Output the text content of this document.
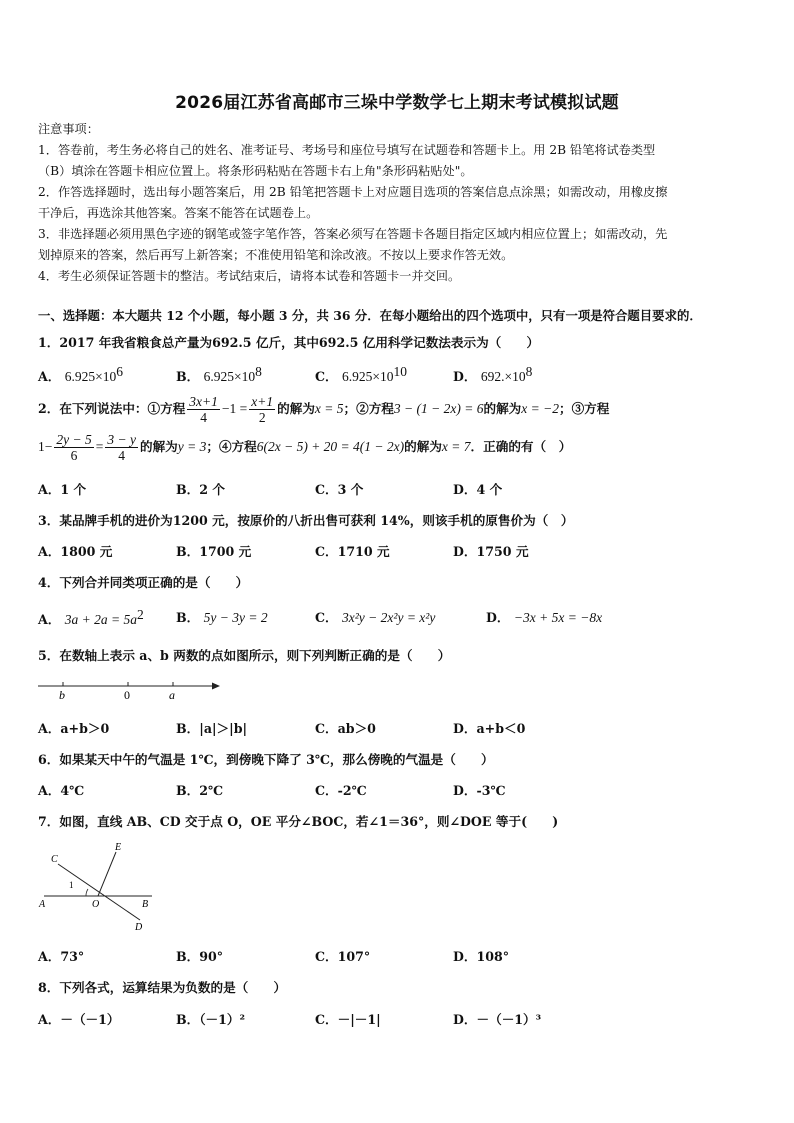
2026届江苏省高邮市三垛中学数学七上期末考试模拟试题

注意事项：

1．答卷前，考生务必将自己的姓名、准考证号、考场号和座位号填写在试题卷和答题卡上。用 2B 铅笔将试卷类型

（B）填涂在答题卡相应位置上。将条形码粘贴在答题卡右上角"条形码粘贴处"。

2．作答选择题时，选出每小题答案后，用 2B 铅笔把答题卡上对应题目选项的答案信息点涂黑；如需改动，用橡皮擦

干净后，再选涂其他答案。答案不能答在试题卷上。

3．非选择题必须用黑色字迹的钢笔或签字笔作答，答案必须写在答题卡各题目指定区域内相应位置上；如需改动，先

划掉原来的答案，然后再写上新答案；不准使用铅笔和涂改液。不按以上要求作答无效。

4．考生必须保证答题卡的整洁。考试结束后，请将本试卷和答题卡一并交回。

一、选择题：本大题共 12 个小题，每小题 3 分，共 36 分．在每小题给出的四个选项中，只有一项是符合题目要求的．
1．2017 年我省粮食总产量为692.5 亿斤，其中692.5 亿用科学记数法表示为（　　）
A． $6.925\times 10^6$	B． $6.925\times 10^8$	C． $6.925\times 10^{10}$	D． $692.\times 10^8$
2．在下列说法中：①方程 $\frac{3x+1}{4} -1 = \frac{x+1}{2}$ 的解为x = 5；②方程3 − (1 − 2x) = 6的解为x = −2；③方程
$1- \frac{2y - 5}{6} = \frac{3 - y}{4}$ 的解为y = 3；④方程6(2x − 5) + 20 = 4(1 − 2x)的解为x = 7．正确的有（　）
A．1 个	B．2 个	C．3 个	D．4 个
3．某品牌手机的进价为1200 元，按原价的八折出售可获利 14%，则该手机的原售价为（　）
A．1800 元	B．1700 元	C．1710 元	D．1750 元
4．下列合并同类项正确的是（　　）
A． $3a + 2a = 5a^2$	B． 5y − 3y = 2	C． 3x²y − 2x²y = x²y	D． −3x + 5x = −8x
5．在数轴上表示 a、b 两数的点如图所示，则下列判断正确的是（　　）
b	0	a
A．a+b＞0	B．|a|＞|b|	C．ab＞0	D．a+b＜0
6．如果某天中午的气温是 1℃，到傍晚下降了 3℃，那么傍晚的气温是（　　）
A．4℃	B．2℃	C．-2℃	D．-3℃
7．如图，直线 AB、CD 交于点 O，OE 平分∠BOC，若∠1＝36°，则∠DOE 等于(　　)
C
E
1
A	O	B
D
A．73°	B．90°	C．107°	D．108°
8．下列各式，运算结果为负数的是（　　）
A．－（－1）	B．（－1）²	C．－|－1|	D．－（－1）³
